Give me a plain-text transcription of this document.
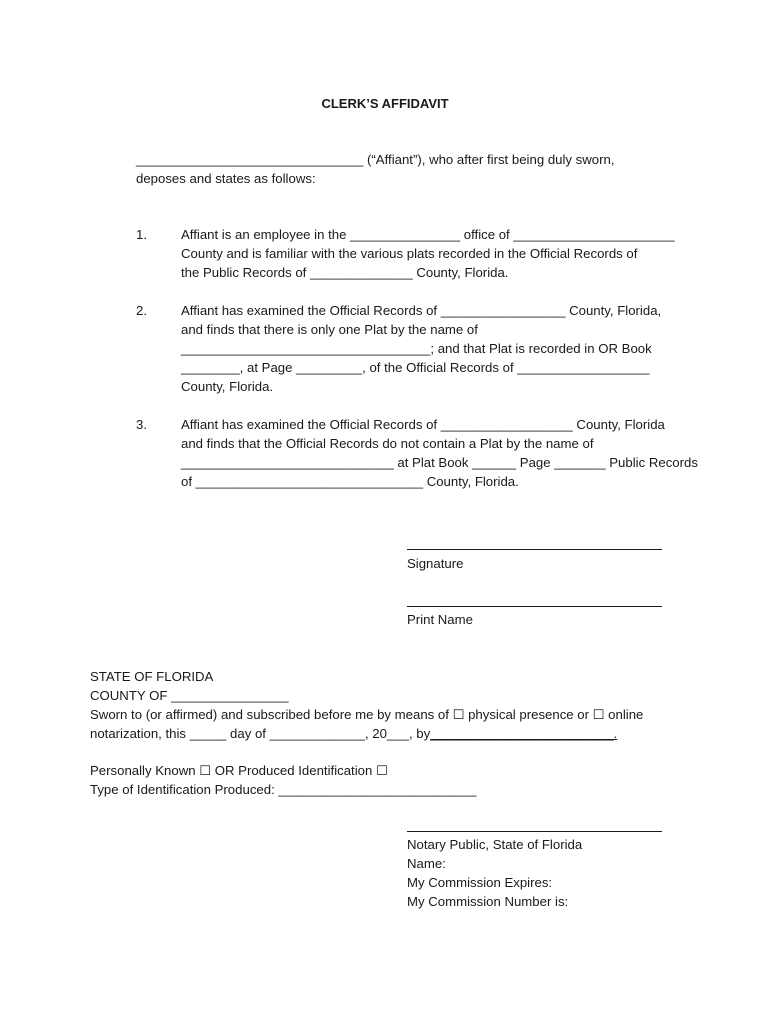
CLERK’S AFFIDAVIT
_______________________________ (“Affiant”), who after first being duly sworn,
deposes and states as follows:
1.	Affiant is an employee in the _______________ office of ______________________
County and is familiar with the various plats recorded in the Official Records of
the Public Records of ______________ County, Florida.
2.	Affiant has examined the Official Records of _________________ County, Florida,
and finds that there is only one Plat by the name of
__________________________________; and that Plat is recorded in OR Book
________, at Page _________, of the Official Records of __________________
County, Florida.
3.	Affiant has examined the Official Records of __________________ County, Florida
and finds that the Official Records do not contain a Plat by the name of
_____________________________ at Plat Book ______ Page _______ Public Records
of _______________________________ County, Florida.
Signature
Print Name
STATE OF FLORIDA
COUNTY OF ________________
Sworn to (or affirmed) and subscribed before me by means of ☐ physical presence or ☐ online
notarization, this _____ day of _____________, 20___, by_________________________.
Personally Known ☐ OR Produced Identification ☐
Type of Identification Produced: ___________________________
Notary Public, State of Florida
Name:
My Commission Expires:
My Commission Number is:
